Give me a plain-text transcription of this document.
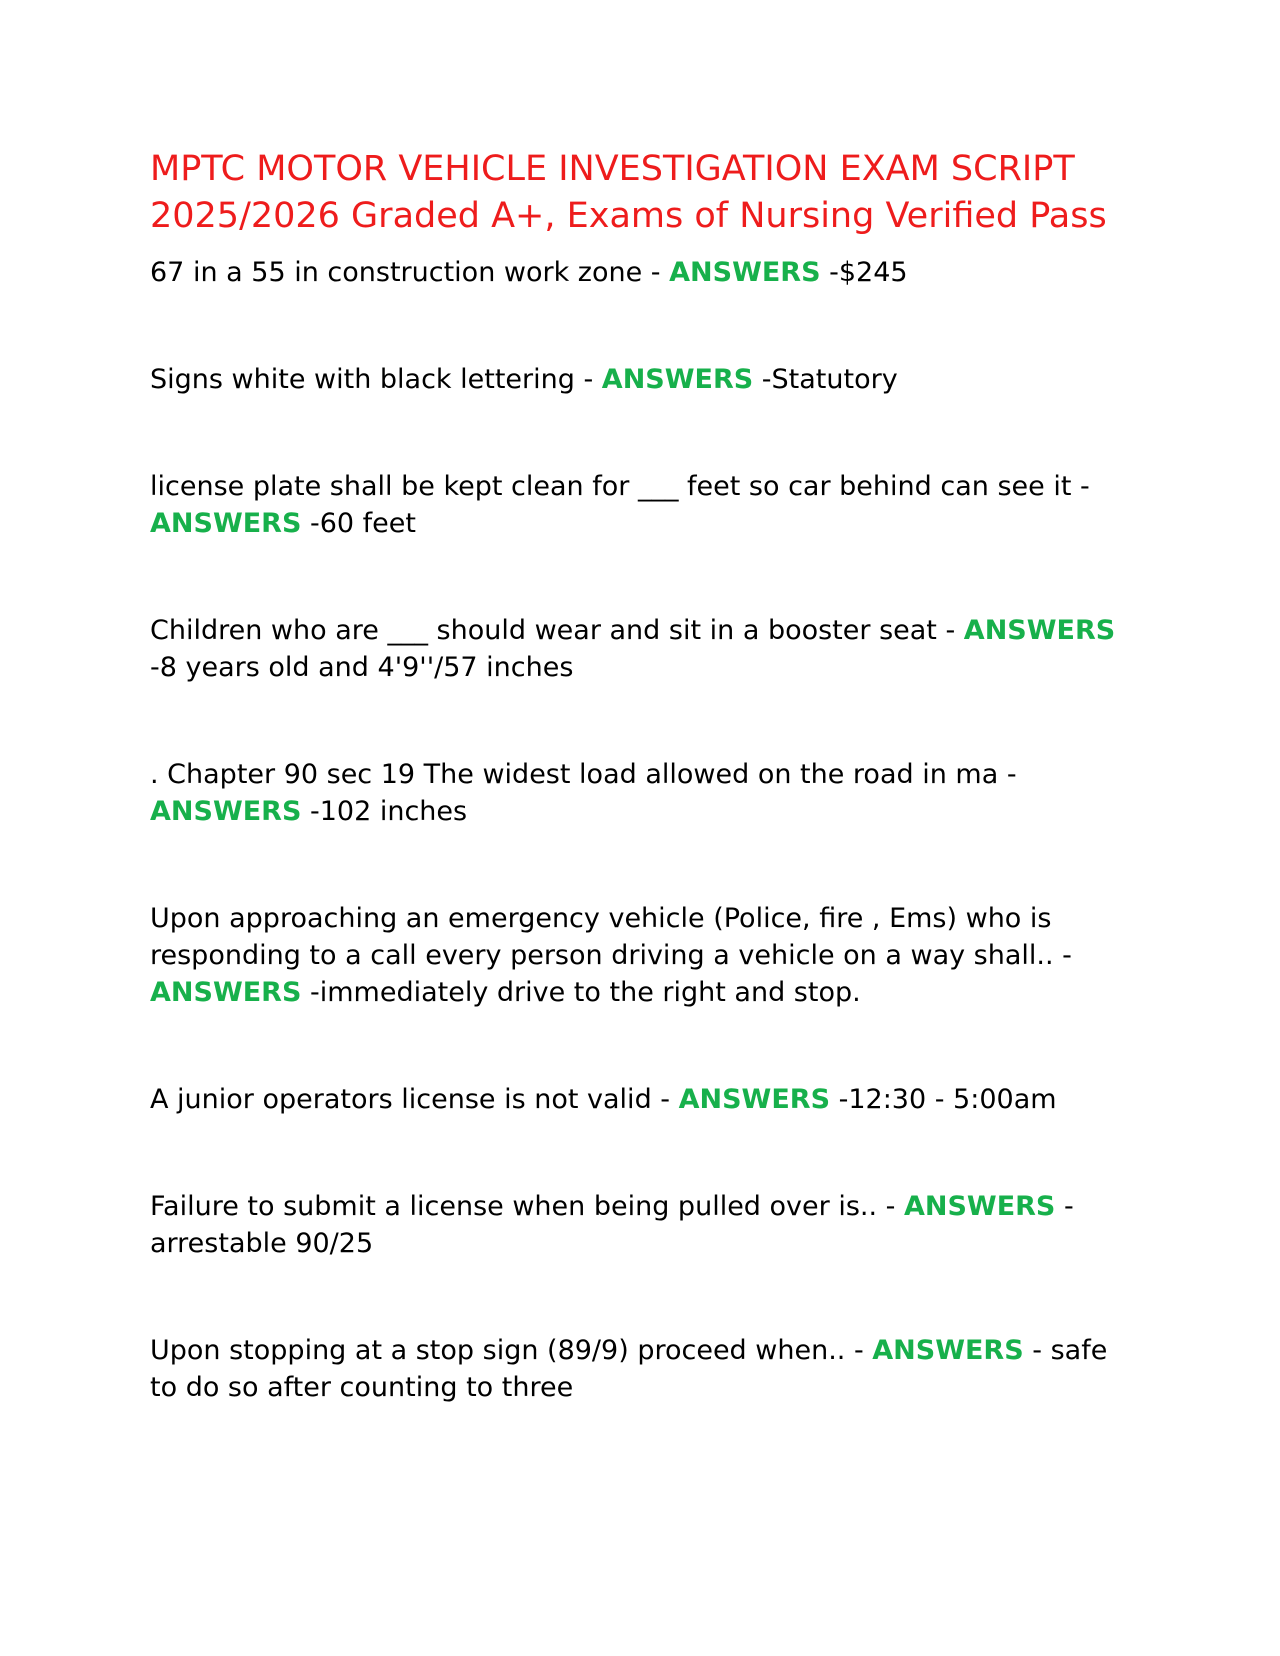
MPTC MOTOR VEHICLE INVESTIGATION EXAM SCRIPT 2025/2026 Graded A+, Exams of Nursing Verified Pass

67 in a 55 in construction work zone - ANSWERS -$245

Signs white with black lettering - ANSWERS -Statutory

license plate shall be kept clean for ___ feet so car behind can see it - ANSWERS -60 feet

Children who are ___ should wear and sit in a booster seat - ANSWERS -8 years old and 4'9''/57 inches

. Chapter 90 sec 19 The widest load allowed on the road in ma - ANSWERS -102 inches

Upon approaching an emergency vehicle (Police, fire , Ems) who is responding to a call every person driving a vehicle on a way shall.. - ANSWERS -immediately drive to the right and stop.

A junior operators license is not valid - ANSWERS -12:30 - 5:00am

Failure to submit a license when being pulled over is.. - ANSWERS -arrestable 90/25

Upon stopping at a stop sign (89/9) proceed when.. - ANSWERS - safe to do so after counting to three
